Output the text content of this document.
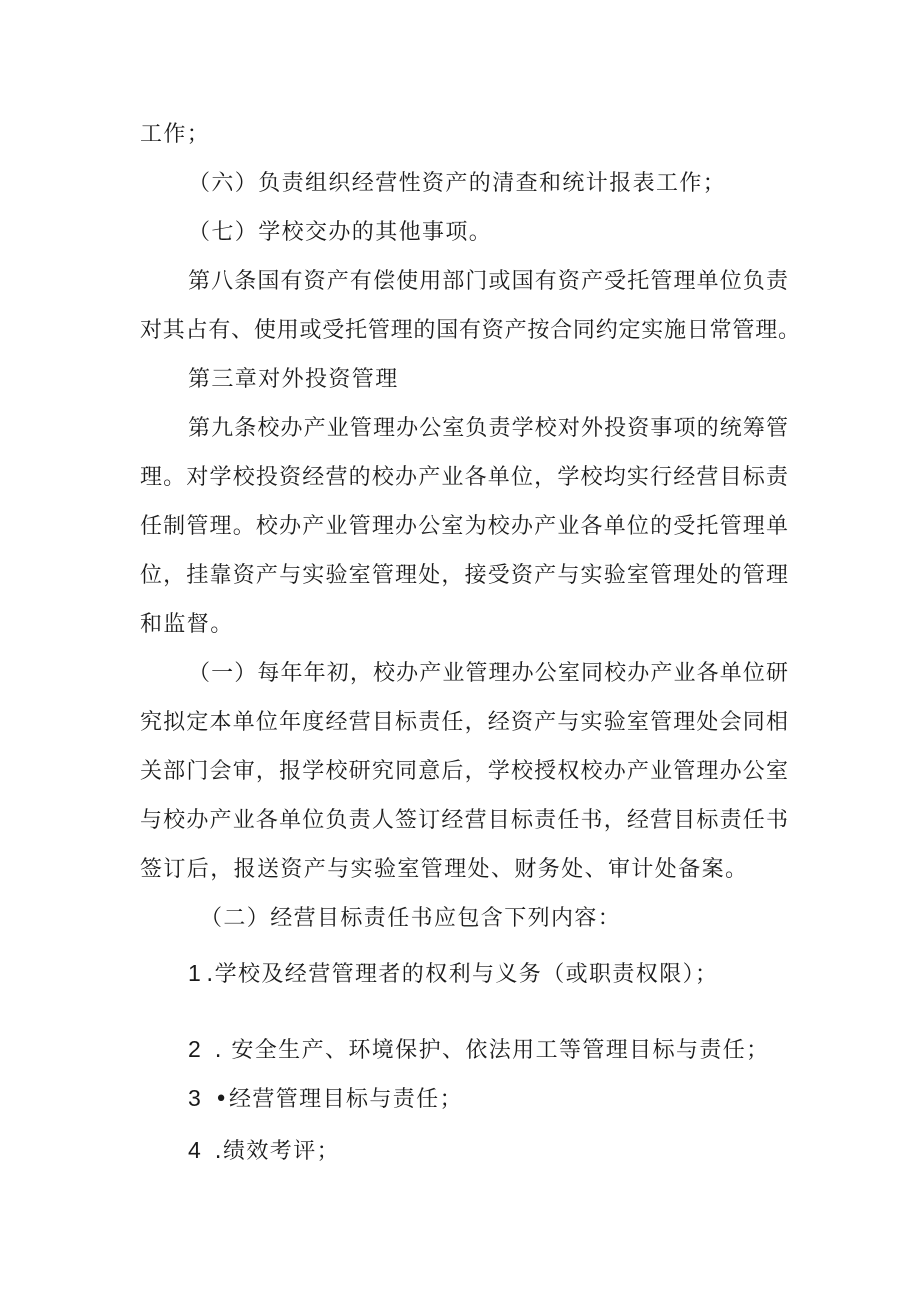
工作；
（六）负责组织经营性资产的清查和统计报表工作；
（七）学校交办的其他事项。
第八条国有资产有偿使用部门或国有资产受托管理单位负责
对其占有、使用或受托管理的国有资产按合同约定实施日常管理。
第三章对外投资管理
第九条校办产业管理办公室负责学校对外投资事项的统筹管
理。对学校投资经营的校办产业各单位，学校均实行经营目标责
任制管理。校办产业管理办公室为校办产业各单位的受托管理单
位，挂靠资产与实验室管理处，接受资产与实验室管理处的管理
和监督。
（一）每年年初，校办产业管理办公室同校办产业各单位研
究拟定本单位年度经营目标责任，经资产与实验室管理处会同相
关部门会审，报学校研究同意后，学校授权校办产业管理办公室
与校办产业各单位负责人签订经营目标责任书，经营目标责任书
签订后，报送资产与实验室管理处、财务处、审计处备案。
（二）经营目标责任书应包含下列内容：
1 .学校及经营管理者的权利与义务（或职责权限）；
2 . 安全生产、环境保护、依法用工等管理目标与责任；
3 •经营管理目标与责任；
4 .绩效考评；
